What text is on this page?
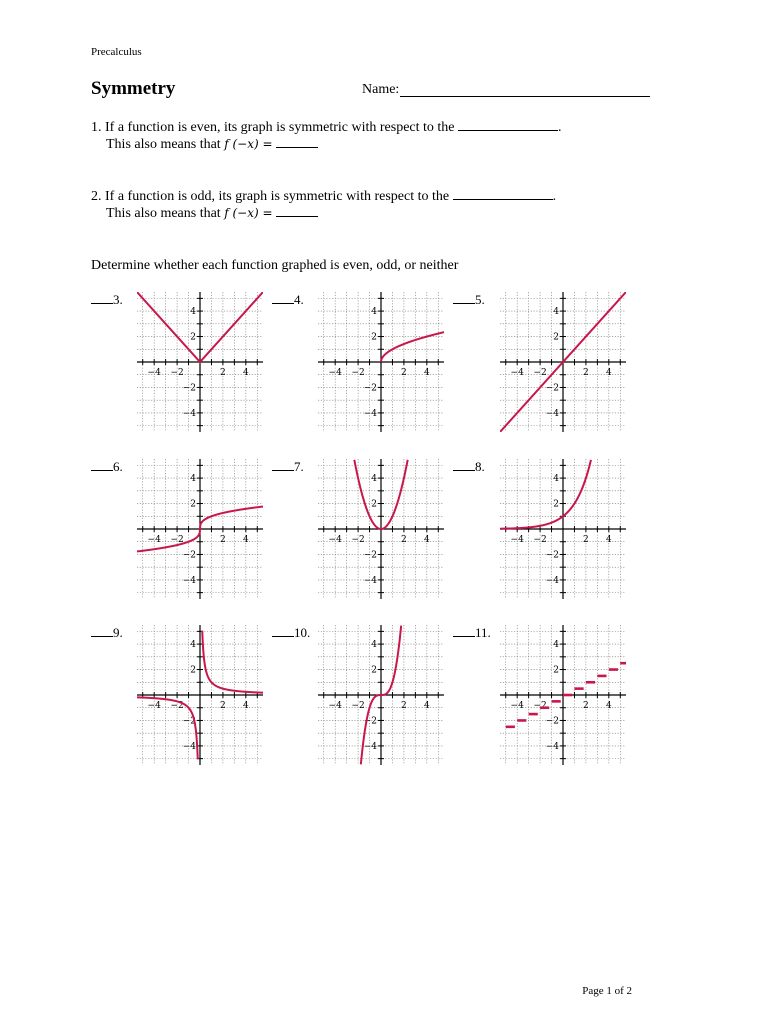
Precalculus
Symmetry	Name:
1. If a function is even, its graph is symmetric with respect to the	.
This also means that f (−x) =
2. If a function is odd, its graph is symmetric with respect to the	.
This also means that f (−x) =
Determine whether each function graphed is even, odd, or neither
3.	4.	5.
6.	7.	8.
9.	10.	11.
−4
−4
−2
−2
2
2
4
4
−4
−4
−2
−2
2
2
4
4
−4
−4
−2
−2
2
2
4
4
−4
−4
−2
−2
2
2
4
4
−4
−4
−2
−2
2
2
4
4
−4
−4
−2
−2
2
2
4
4
−4
−4
−2
−2
2
2
4
4
−4
−4
−2
−2
2
2
4
4
−4
−4
−2
−2
2
2
4
4
Page 1 of 2
